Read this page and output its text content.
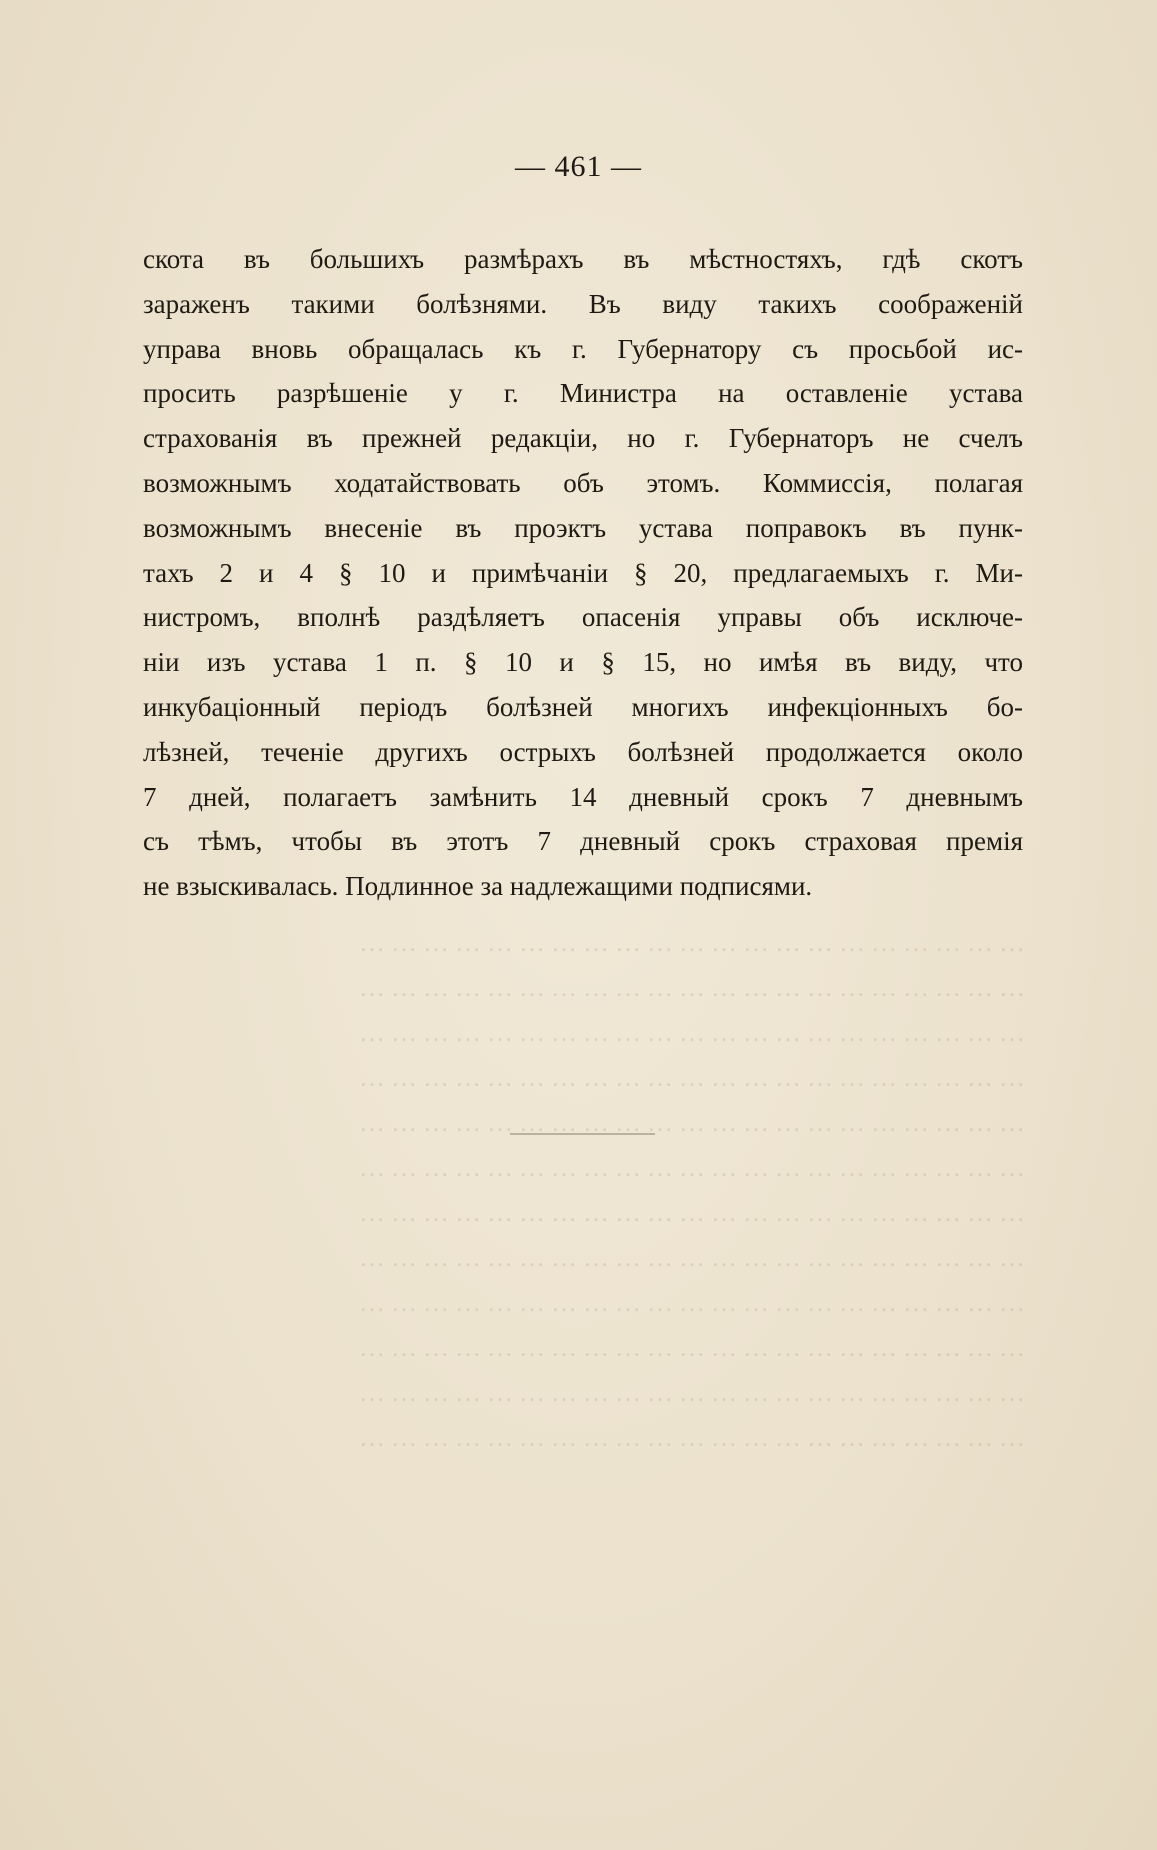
………………………………………………………
………………………………………………………
………………………………………………………
………………………………………………………
………………………………………………………
………………………………………………………
………………………………………………………
………………………………………………………
………………………………………………………
………………………………………………………
………………………………………………………
………………………………………………………
— 461 —
скота въ большихъ размѣрахъ въ мѣстностяхъ, гдѣ скотъ
зараженъ такими болѣзнями. Въ виду такихъ соображеній
управа вновь обращалась къ г. Губернатору съ просьбой ис-
просить разрѣшеніе у г. Министра на оставленіе устава
страхованія въ прежней редакціи, но г. Губернаторъ не счелъ
возможнымъ ходатайствовать объ этомъ. Коммиссія, полагая
возможнымъ внесеніе въ проэктъ устава поправокъ въ пунк-
тахъ 2 и 4 § 10 и примѣчаніи § 20, предлагаемыхъ г. Ми-
нистромъ, вполнѣ раздѣляетъ опасенія управы объ исключе-
ніи изъ устава 1 п. § 10 и § 15, но имѣя въ виду, что
инкубаціонный періодъ болѣзней многихъ инфекціонныхъ бо-
лѣзней, теченіе другихъ острыхъ болѣзней продолжается около
7 дней, полагаетъ замѣнить 14 дневный срокъ 7 дневнымъ
съ тѣмъ, чтобы въ этотъ 7 дневный срокъ страховая премія
не взыскивалась. Подлинное за надлежащими подписями.
